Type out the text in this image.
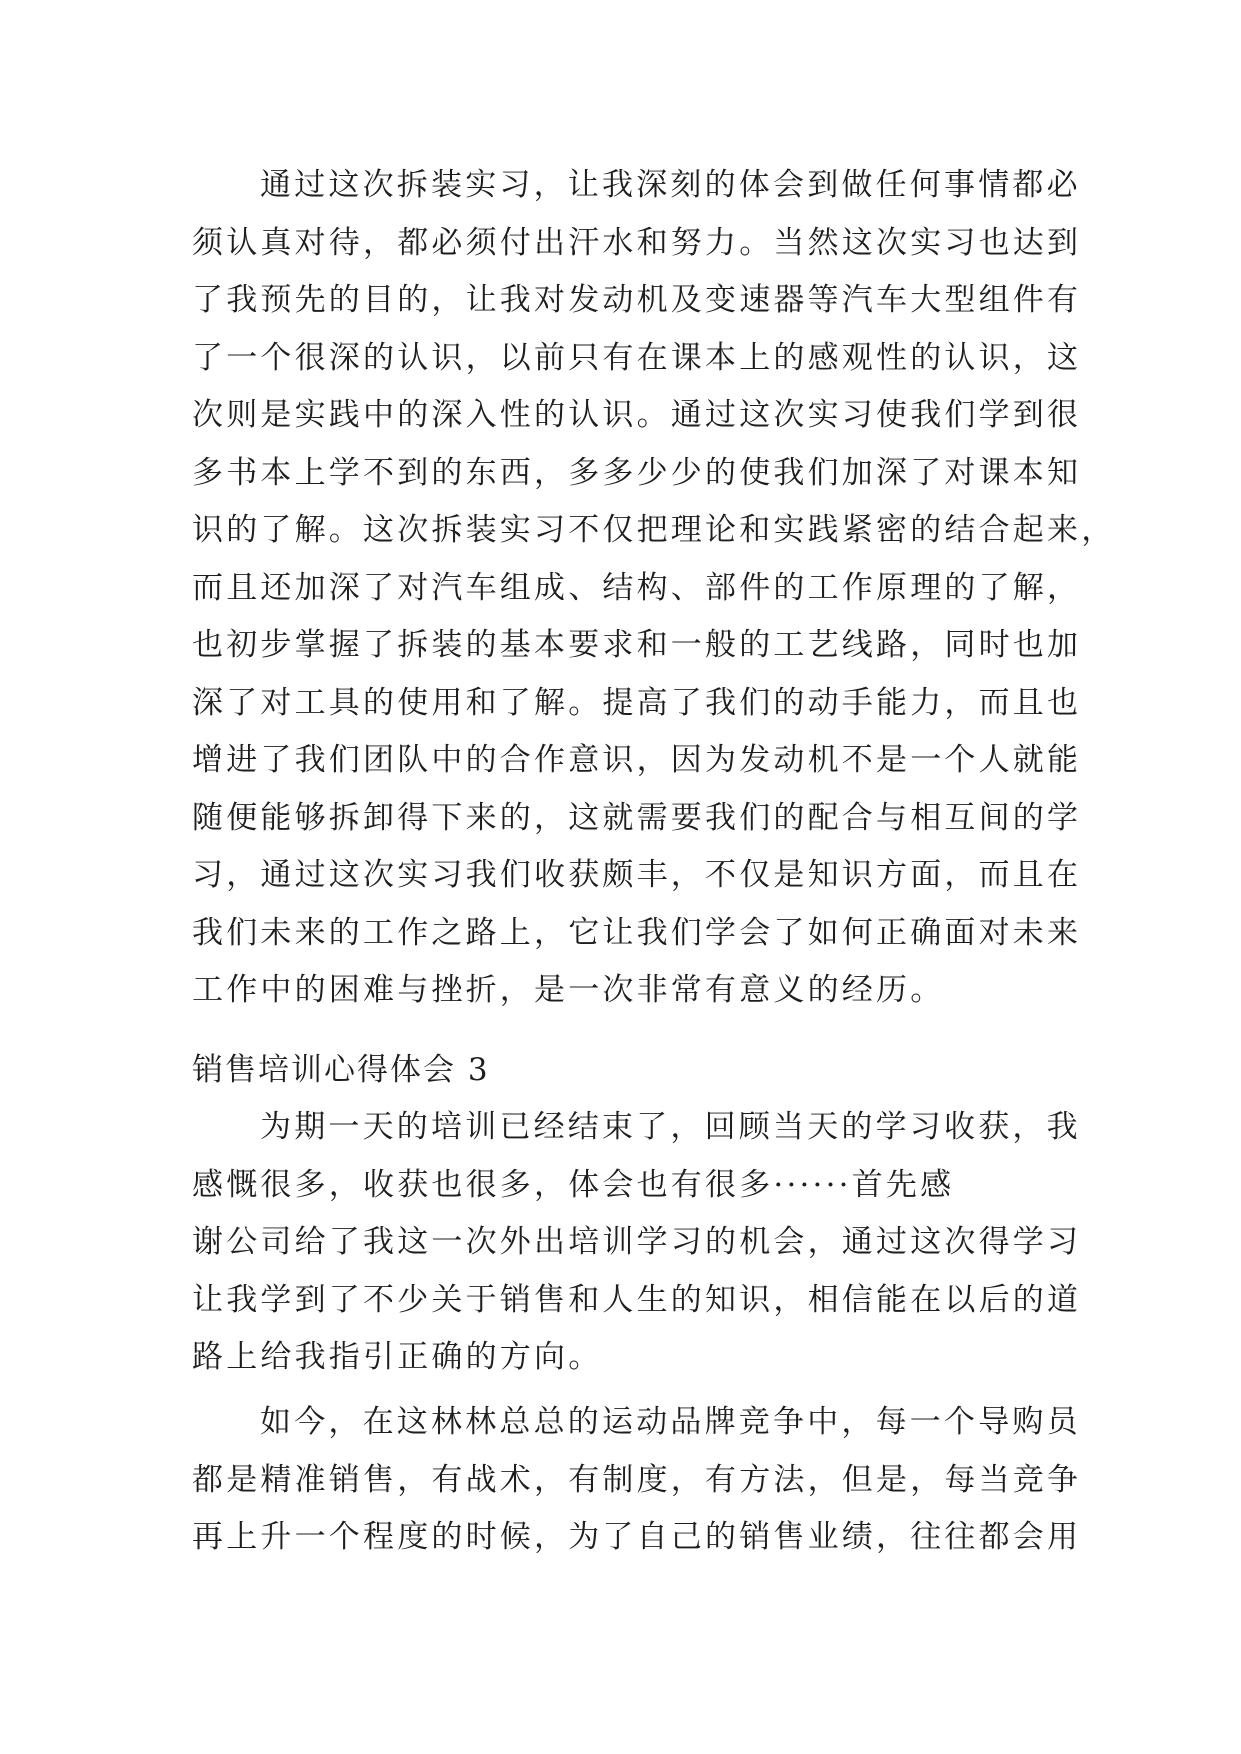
通过这次拆装实习，让我深刻的体会到做任何事情都必
须认真对待，都必须付出汗水和努力。当然这次实习也达到
了我预先的目的，让我对发动机及变速器等汽车大型组件有
了一个很深的认识，以前只有在课本上的感观性的认识，这
次则是实践中的深入性的认识。通过这次实习使我们学到很
多书本上学不到的东西，多多少少的使我们加深了对课本知
识的了解。这次拆装实习不仅把理论和实践紧密的结合起来，
而且还加深了对汽车组成、结构、部件的工作原理的了解，
也初步掌握了拆装的基本要求和一般的工艺线路，同时也加
深了对工具的使用和了解。提高了我们的动手能力，而且也
增进了我们团队中的合作意识，因为发动机不是一个人就能
随便能够拆卸得下来的，这就需要我们的配合与相互间的学
习，通过这次实习我们收获颇丰，不仅是知识方面，而且在
我们未来的工作之路上，它让我们学会了如何正确面对未来
工作中的困难与挫折，是一次非常有意义的经历。
销售培训心得体会 3
为期一天的培训已经结束了，回顾当天的学习收获，我
感慨很多，收获也很多，体会也有很多······首先感
谢公司给了我这一次外出培训学习的机会，通过这次得学习
让我学到了不少关于销售和人生的知识，相信能在以后的道
路上给我指引正确的方向。
如今，在这林林总总的运动品牌竞争中，每一个导购员
都是精准销售，有战术，有制度，有方法，但是，每当竞争
再上升一个程度的时候，为了自己的销售业绩，往往都会用
